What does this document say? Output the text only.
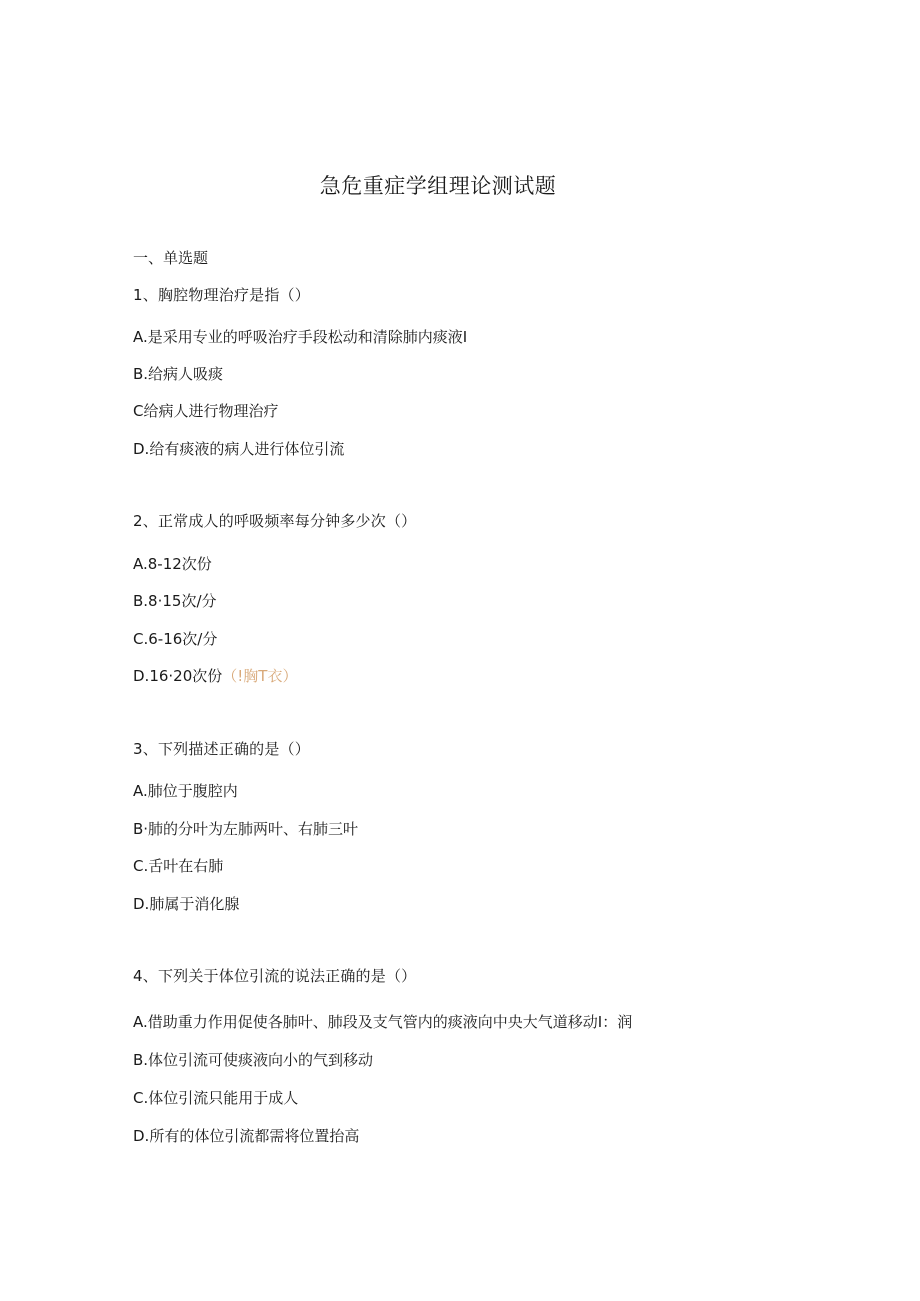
急危重症学组理论测试题
一、单选题
1、胸腔物理治疗是指（）
A.是采用专业的呼吸治疗手段松动和清除肺内痰液I
B.给病人吸痰
C给病人进行物理治疗
D.给有痰液的病人进行体位引流
2、正常成人的呼吸频率每分钟多少次（）
A.8-12次份
B.8·15次/分
C.6-16次/分
D.16·20次份（!胸T衣）
3、下列描述正确的是（）
A.肺位于腹腔内
B·肺的分叶为左肺两叶、右肺三叶
C.舌叶在右肺
D.肺属于消化腺
4、下列关于体位引流的说法正确的是（）
A.借助重力作用促使各肺叶、肺段及支气管内的痰液向中央大气道移动I：润
B.体位引流可使痰液向小的气到移动
C.体位引流只能用于成人
D.所有的体位引流都需将位置抬高
